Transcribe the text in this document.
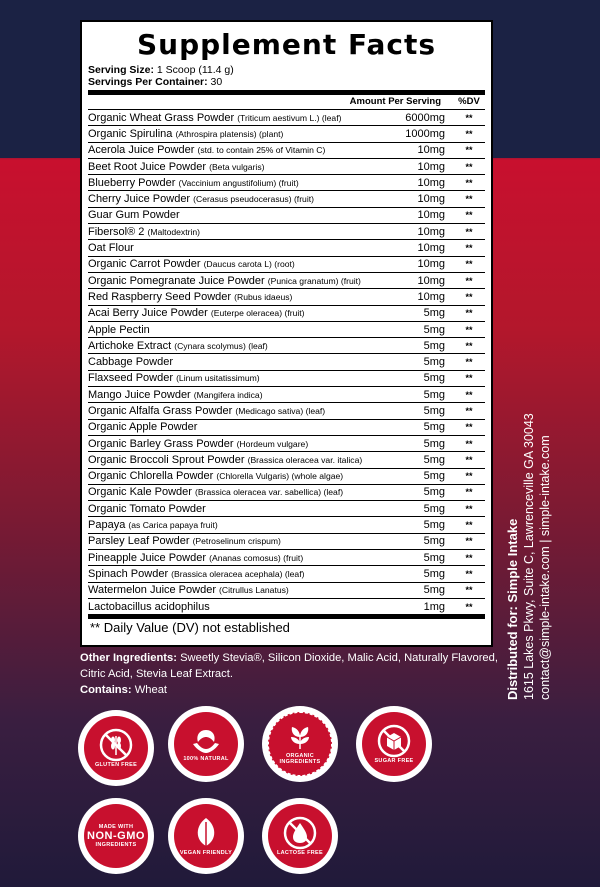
Supplement Facts
Serving Size: 1 Scoop (11.4 g)
Servings Per Container: 30
Amount Per Serving	%DV
Organic Wheat Grass Powder (Triticum aestivum L.) (leaf)	6000mg	**
Organic Spirulina (Athrospira platensis) (plant)	1000mg	**
Acerola Juice Powder (std. to contain 25% of Vitamin C)	10mg	**
Beet Root Juice Powder (Beta vulgaris)	10mg	**
Blueberry Powder (Vaccinium angustifolium) (fruit)	10mg	**
Cherry Juice Powder (Cerasus pseudocerasus) (fruit)	10mg	**
Guar Gum Powder	10mg	**
Fibersol® 2 (Maltodextrin)	10mg	**
Oat Flour	10mg	**
Organic Carrot Powder (Daucus carota L) (root)	10mg	**
Organic Pomegranate Juice Powder (Punica granatum) (fruit)	10mg	**
Red Raspberry Seed Powder (Rubus idaeus)	10mg	**
Acai Berry Juice Powder (Euterpe oleracea) (fruit)	5mg	**
Apple Pectin	5mg	**
Artichoke Extract (Cynara scolymus) (leaf)	5mg	**
Cabbage Powder	5mg	**
Flaxseed Powder (Linum usitatissimum)	5mg	**
Mango Juice Powder (Mangifera indica)	5mg	**
Organic Alfalfa Grass Powder (Medicago sativa) (leaf)	5mg	**
Organic Apple Powder	5mg	**
Organic Barley Grass Powder (Hordeum vulgare)	5mg	**
Organic Broccoli Sprout Powder (Brassica oleracea var. italica)	5mg	**
Organic Chlorella Powder (Chlorella Vulgaris) (whole algae)	5mg	**
Organic Kale Powder (Brassica oleracea var. sabellica) (leaf)	5mg	**
Organic Tomato Powder	5mg	**
Papaya (as Carica papaya fruit)	5mg	**
Parsley Leaf Powder (Petroselinum crispum)	5mg	**
Pineapple Juice Powder (Ananas comosus) (fruit)	5mg	**
Spinach Powder (Brassica oleracea acephala) (leaf)	5mg	**
Watermelon Juice Powder (Citrullus Lanatus)	5mg	**
Lactobacillus acidophilus	1mg	**
** Daily Value (DV) not established
Other Ingredients: Sweetly Stevia®, Silicon Dioxide, Malic Acid, Naturally Flavored, Citric Acid, Stevia Leaf Extract.
Contains: Wheat	Distributed for: Simple Intake 1615 Lakes Pkwy, Suite C, Lawrenceville GA 30043 contact@simple-intake.com | simple-intake.com
GLUTEN FREE
100% NATURAL	ORGANIC INGREDIENTS	SUGAR FREE
MADE WITH
NON-GMO
INGREDIENTS
VEGAN FRIENDLY	LACTOSE FREE
